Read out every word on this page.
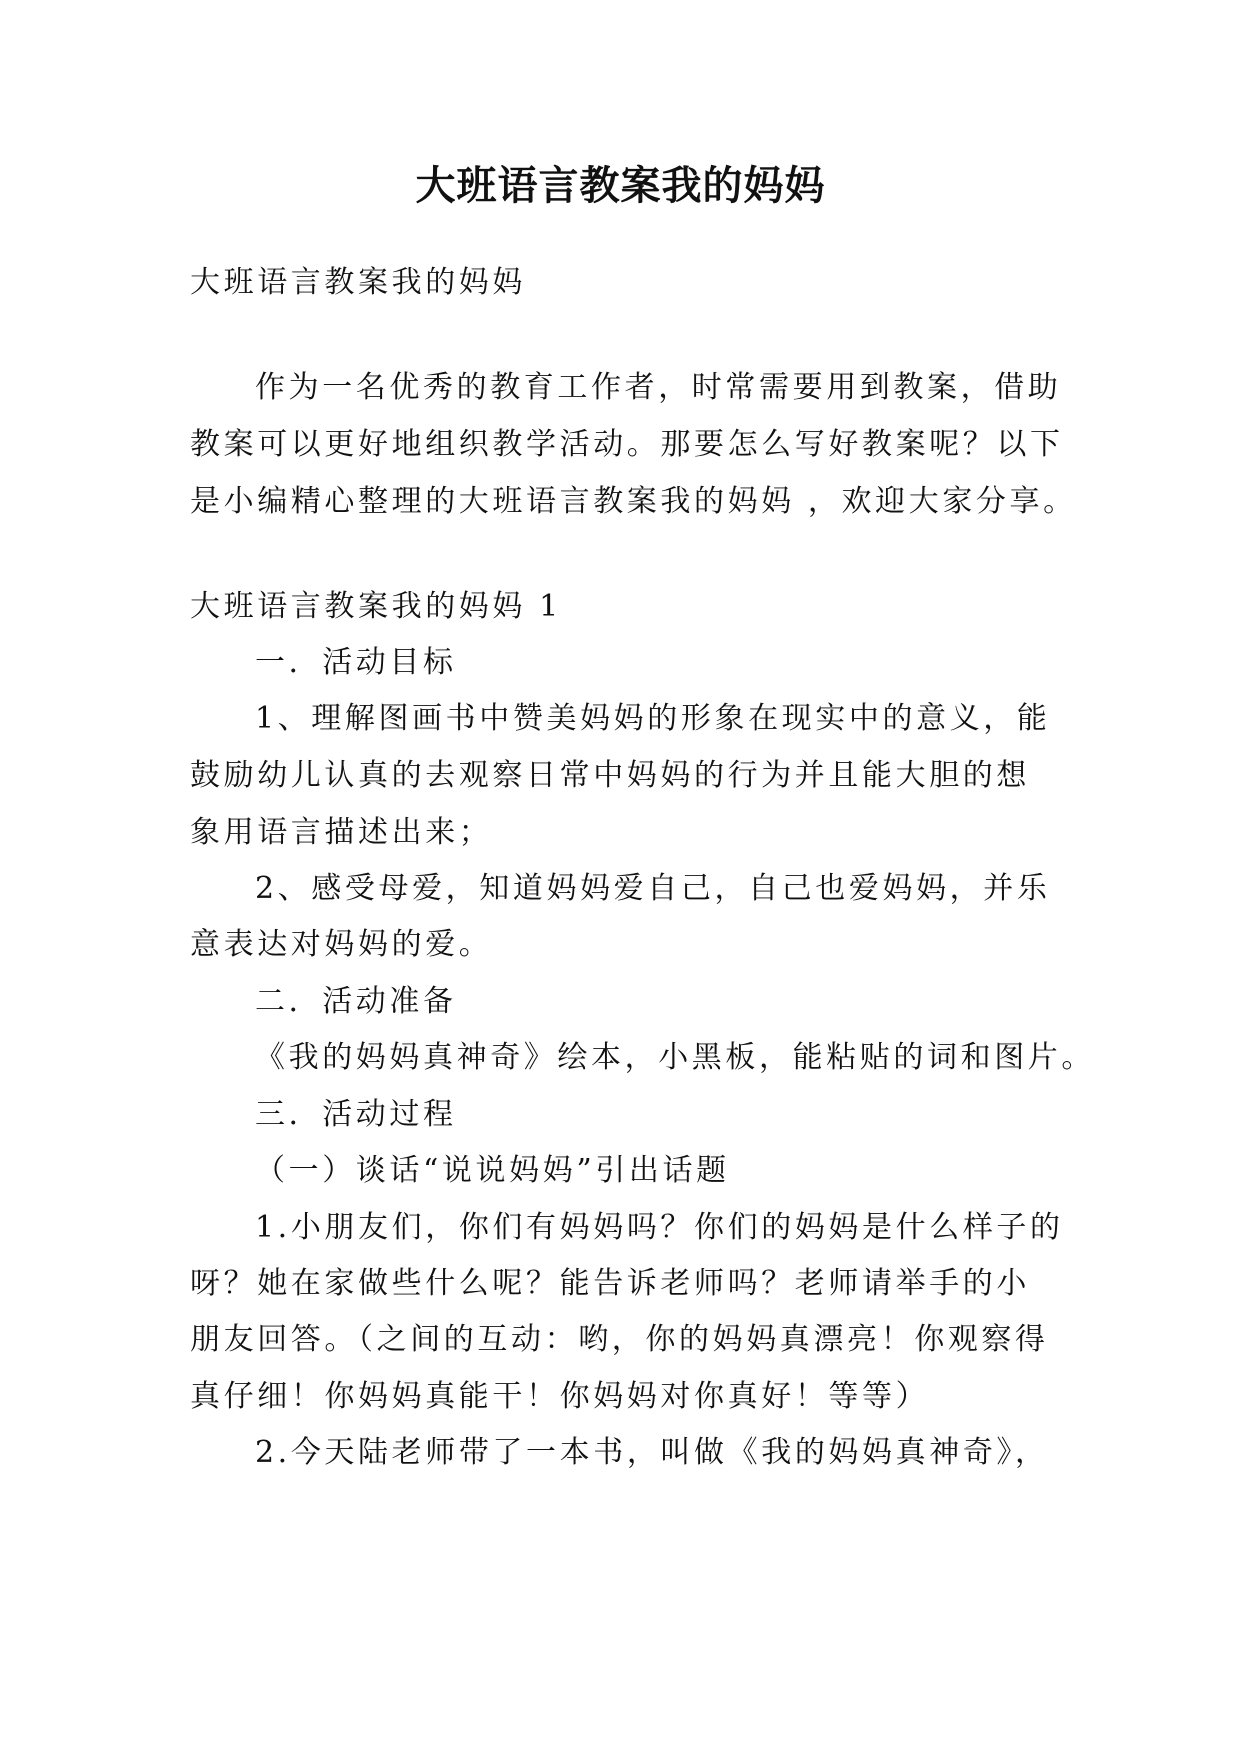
大班语言教案我的妈妈
大班语言教案我的妈妈
作为一名优秀的教育工作者，时常需要用到教案，借助
教案可以更好地组织教学活动。那要怎么写好教案呢？以下
是小编精心整理的大班语言教案我的妈妈 ，欢迎大家分享。
大班语言教案我的妈妈 1
一．活动目标
1、理解图画书中赞美妈妈的形象在现实中的意义，能
鼓励幼儿认真的去观察日常中妈妈的行为并且能大胆的想
象用语言描述出来；
2、感受母爱，知道妈妈爱自己，自己也爱妈妈，并乐
意表达对妈妈的爱。
二．活动准备
《我的妈妈真神奇》绘本，小黑板，能粘贴的词和图片。
三．活动过程
（一）谈话“说说妈妈”引出话题
1.小朋友们，你们有妈妈吗？你们的妈妈是什么样子的
呀？她在家做些什么呢？能告诉老师吗？老师请举手的小
朋友回答。（之间的互动：哟，你的妈妈真漂亮！你观察得
真仔细！你妈妈真能干！你妈妈对你真好！等等）
2.今天陆老师带了一本书，叫做《我的妈妈真神奇》，
